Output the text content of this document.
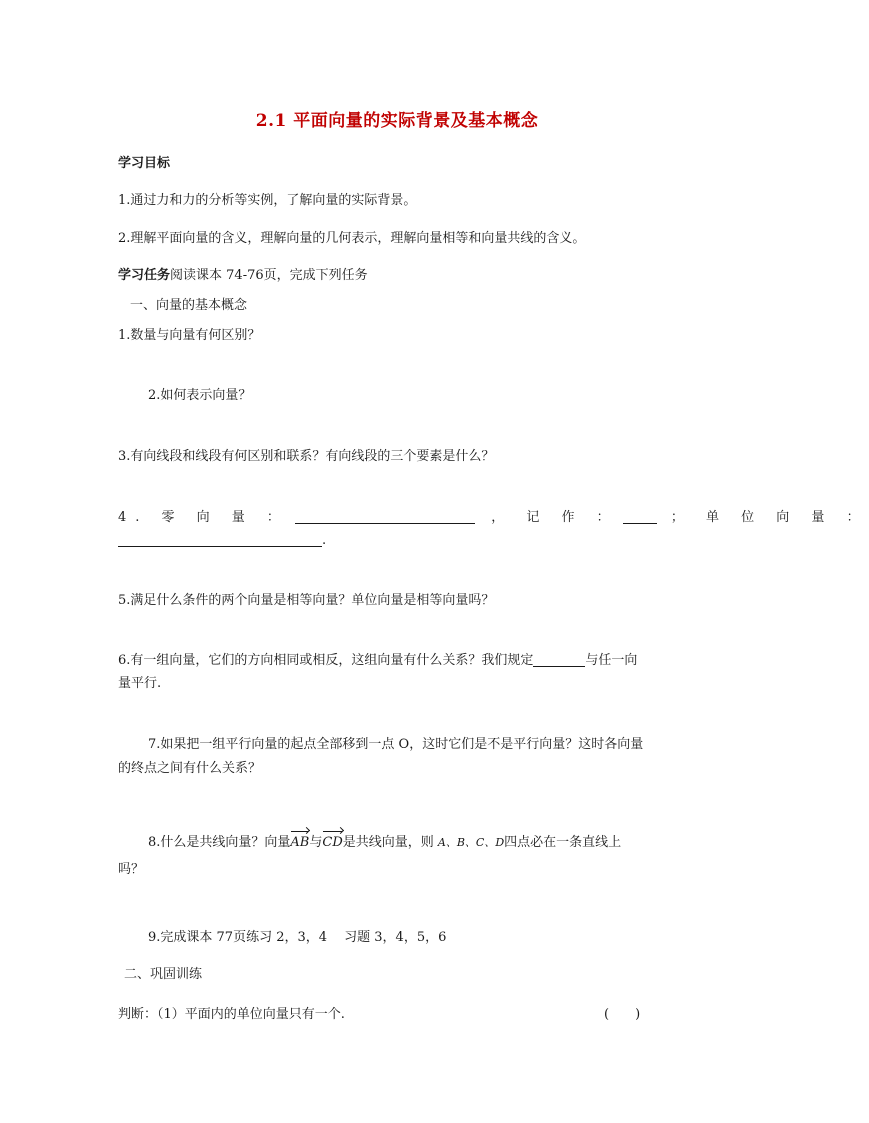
2.1 平面向量的实际背景及基本概念
学习目标
1.通过力和力的分析等实例，了解向量的实际背景。
2.理解平面向量的含义，理解向量的几何表示，理解向量相等和向量共线的含义。
学习任务阅读课本 74-76页，完成下列任务
一、向量的基本概念
1.数量与向量有何区别？
2.如何表示向量？
3.有向线段和线段有何区别和联系？有向线段的三个要素是什么？
4. 零 向 量 ：	， 记 作 ：	； 单 位 向 量 ：
.
5.满足什么条件的两个向量是相等向量？单位向量是相等向量吗？
6.有一组向量，它们的方向相同或相反，这组向量有什么关系？我们规定	与任一向
量平行.
7.如果把一组平行向量的起点全部移到一点 O，这时它们是不是平行向量？这时各向量
的终点之间有什么关系？
8.什么是共线向量？向量AB与CD是共线向量，则 A、B、C、D四点必在一条直线上
吗？
9.完成课本 77页练习 2，3，4　 习题 3，4，5，6
二、巩固训练
判断：（1）平面内的单位向量只有一个.	(　　)
